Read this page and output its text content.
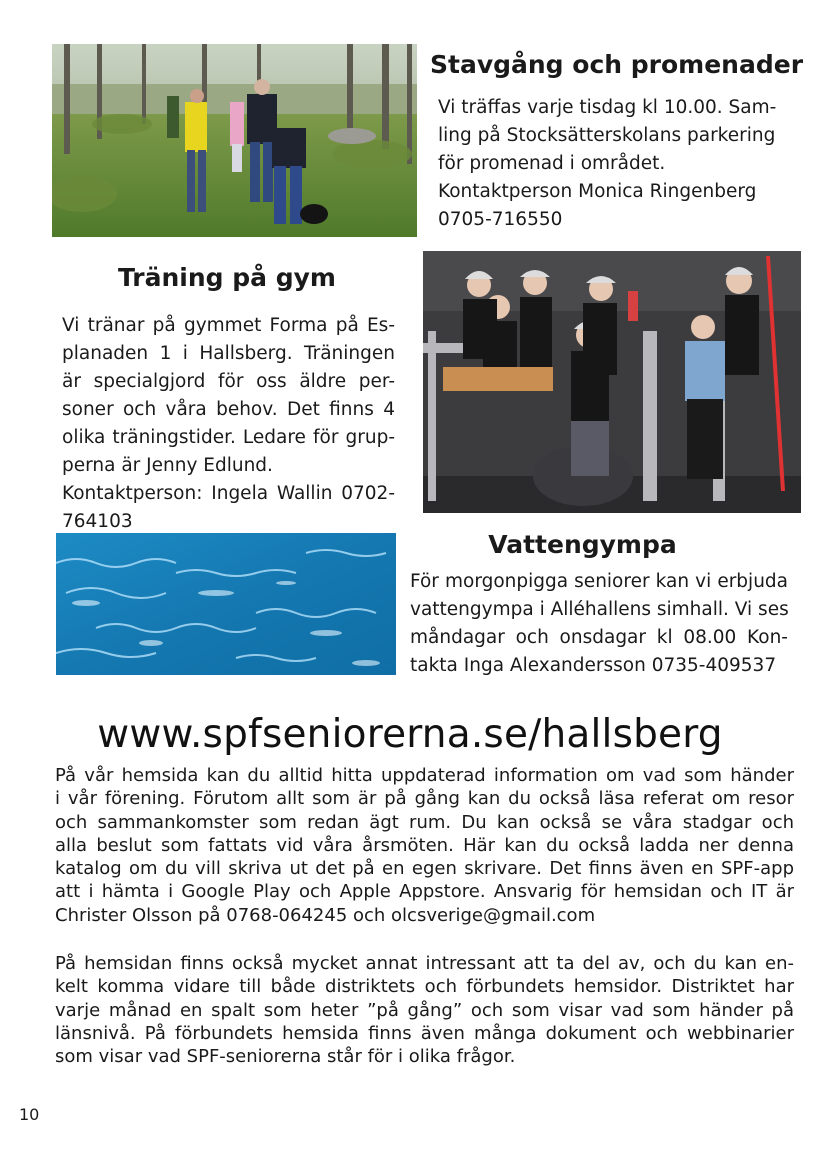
Stavgång och promenader
Vi träffas varje tisdag kl 10.00. Sam-
ling på Stocksätterskolans parkering
för promenad i området.
Kontaktperson Monica Ringenberg
0705-716550
Träning på gym
Vi tränar på gymmet Forma på Es-
planaden 1 i Hallsberg. Träningen
är specialgjord för oss äldre per-
soner och våra behov. Det finns 4
olika träningstider. Ledare för grup-
perna är Jenny Edlund.
Kontaktperson: Ingela Wallin 0702-
764103
Vattengympa
För morgonpigga seniorer kan vi erbjuda
vattengympa i Alléhallens simhall. Vi ses
måndagar och onsdagar kl 08.00 Kon-
takta Inga Alexandersson 0735-409537
www.spfseniorerna.se/hallsberg
På vår hemsida kan du alltid hitta uppdaterad information om vad som händer
i vår förening. Förutom allt som är på gång kan du också läsa referat om resor
och sammankomster som redan ägt rum. Du kan också se våra stadgar och
alla beslut som fattats vid våra årsmöten. Här kan du också ladda ner denna
katalog om du vill skriva ut det på en egen skrivare. Det finns även en SPF-app
att i hämta i Google Play och Apple Appstore. Ansvarig för hemsidan och IT är
Christer Olsson på 0768-064245 och olcsverige@gmail.com
På hemsidan finns också mycket annat intressant att ta del av, och du kan en-
kelt komma vidare till både distriktets och förbundets hemsidor. Distriktet har
varje månad en spalt som heter ”på gång” och som visar vad som händer på
länsnivå. På förbundets hemsida finns även många dokument och webbinarier
som visar vad SPF-seniorerna står för i olika frågor.
10
